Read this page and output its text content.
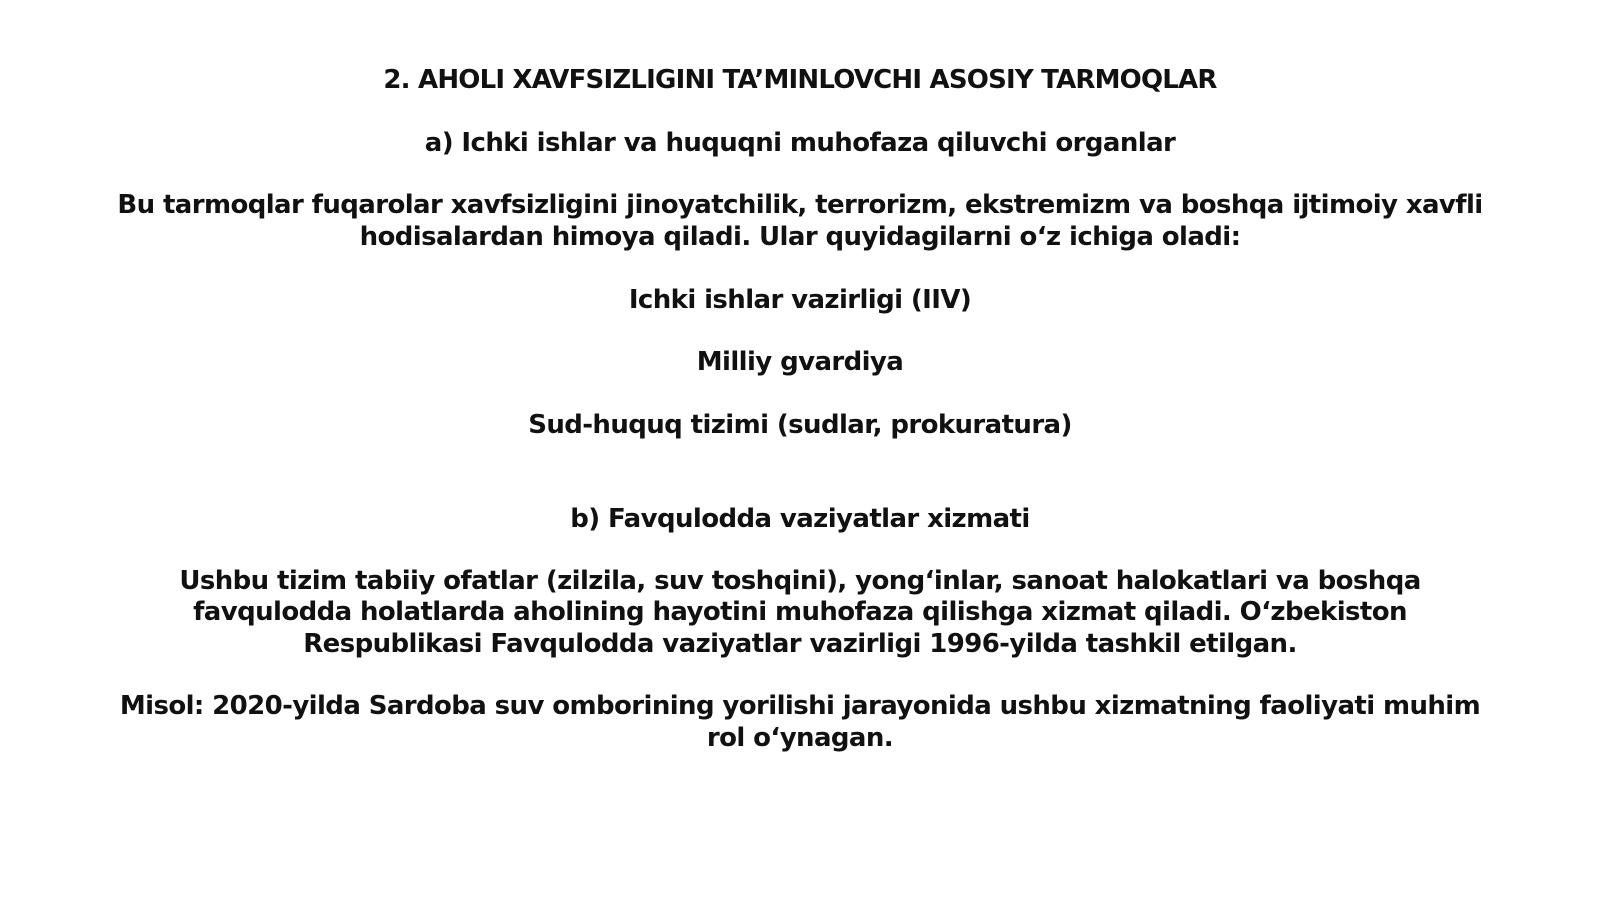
2. AHOLI XAVFSIZLIGINI TA’MINLOVCHI ASOSIY TARMOQLAR
a) Ichki ishlar va huquqni muhofaza qiluvchi organlar
Bu tarmoqlar fuqarolar xavfsizligini jinoyatchilik, terrorizm, ekstremizm va boshqa ijtimoiy xavfli
hodisalardan himoya qiladi. Ular quyidagilarni o‘z ichiga oladi:
Ichki ishlar vazirligi (IIV)
Milliy gvardiya
Sud-huquq tizimi (sudlar, prokuratura)
b) Favqulodda vaziyatlar xizmati
Ushbu tizim tabiiy ofatlar (zilzila, suv toshqini), yong‘inlar, sanoat halokatlari va boshqa
favqulodda holatlarda aholining hayotini muhofaza qilishga xizmat qiladi. O‘zbekiston
Respublikasi Favqulodda vaziyatlar vazirligi 1996-yilda tashkil etilgan.
Misol: 2020-yilda Sardoba suv omborining yorilishi jarayonida ushbu xizmatning faoliyati muhim
rol o‘ynagan.
